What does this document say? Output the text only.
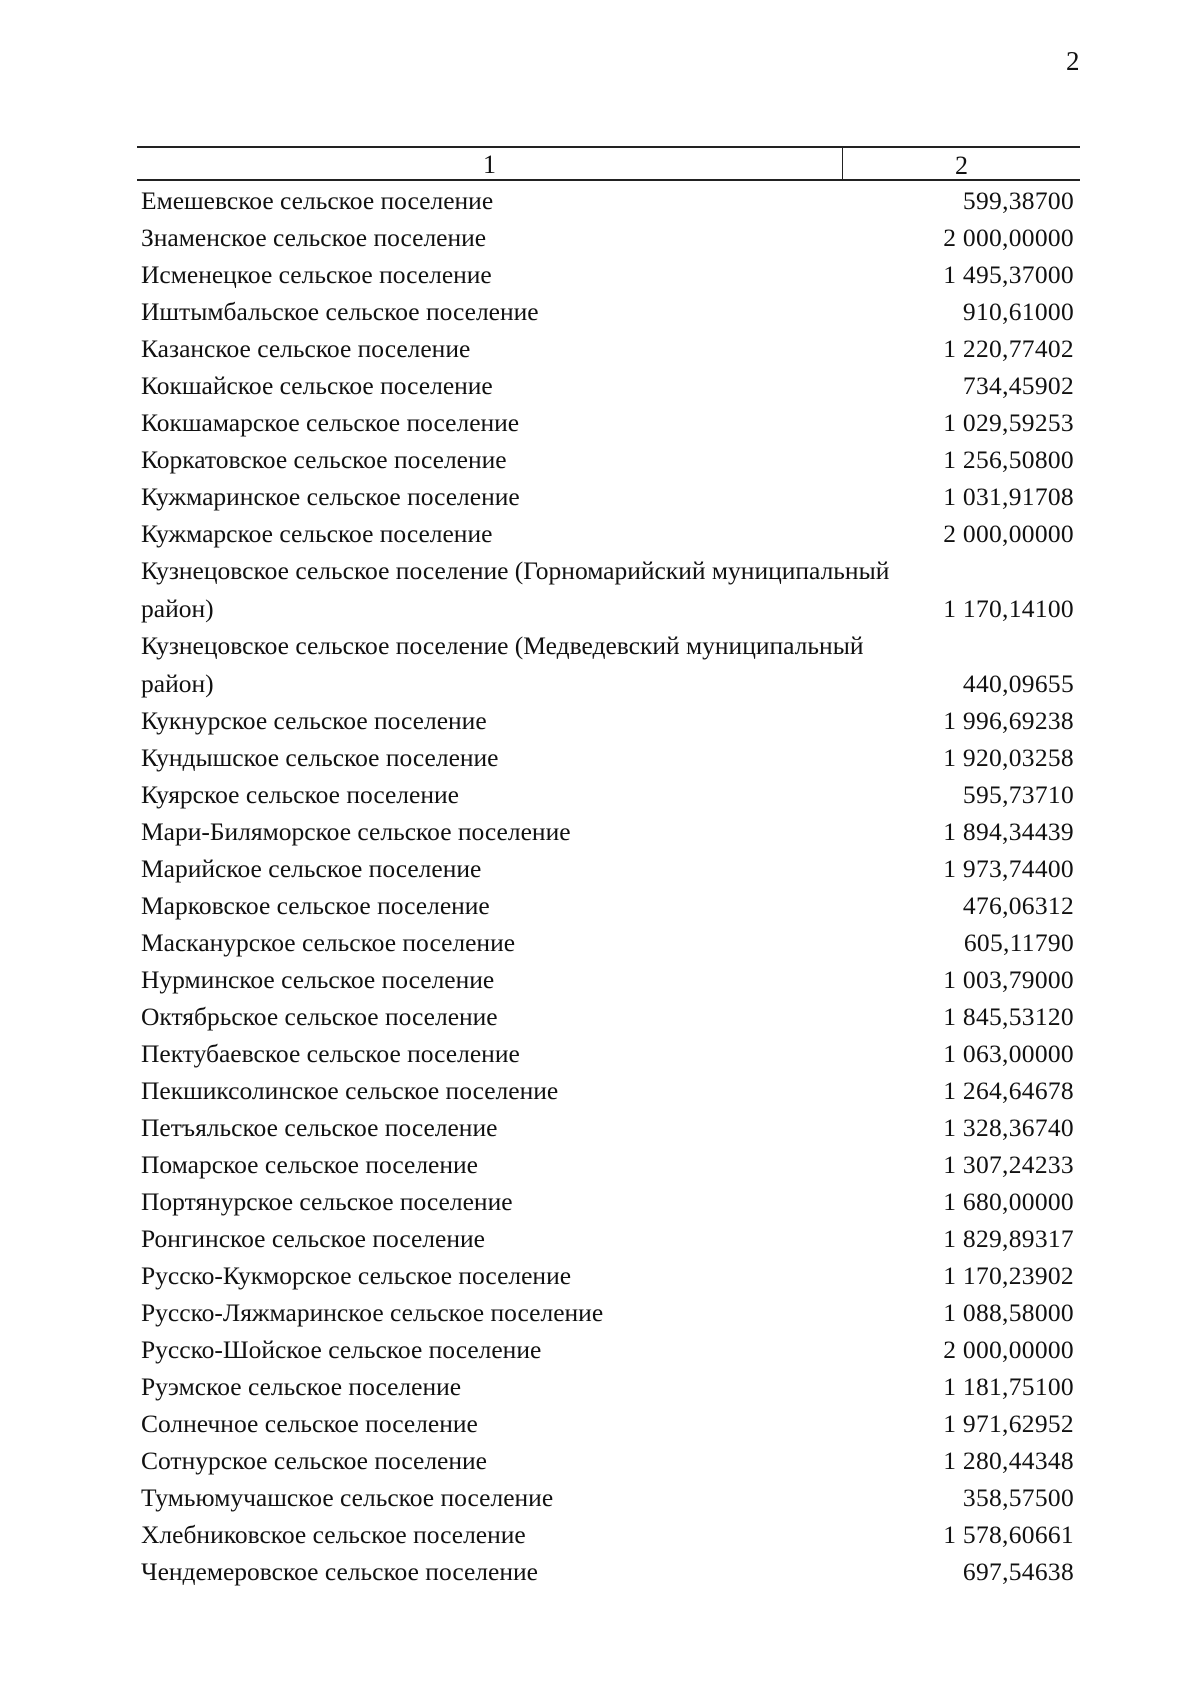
2
1	2
Емешевское сельское поселение	599,38700
Знаменское сельское поселение	2 000,00000
Исменецкое сельское поселение	1 495,37000
Иштымбальское сельское поселение	910,61000
Казанское сельское поселение	1 220,77402
Кокшайское сельское поселение	734,45902
Кокшамарское сельское поселение	1 029,59253
Коркатовское сельское поселение	1 256,50800
Кужмаринское сельское поселение	1 031,91708
Кужмарское сельское поселение	2 000,00000
Кузнецовское сельское поселение (Горномарийский муниципальный район)	1 170,14100
Кузнецовское сельское поселение (Медведевский муниципальный район)	440,09655
Кукнурское сельское поселение	1 996,69238
Кундышское сельское поселение	1 920,03258
Куярское сельское поселение	595,73710
Мари-Биляморское сельское поселение	1 894,34439
Марийское сельское поселение	1 973,74400
Марковское сельское поселение	476,06312
Масканурское сельское поселение	605,11790
Нурминское сельское поселение	1 003,79000
Октябрьское сельское поселение	1 845,53120
Пектубаевское сельское поселение	1 063,00000
Пекшиксолинское сельское поселение	1 264,64678
Петъяльское сельское поселение	1 328,36740
Помарское сельское поселение	1 307,24233
Портянурское сельское поселение	1 680,00000
Ронгинское сельское поселение	1 829,89317
Русско-Кукморское сельское поселение	1 170,23902
Русско-Ляжмаринское сельское поселение	1 088,58000
Русско-Шойское сельское поселение	2 000,00000
Руэмское сельское поселение	1 181,75100
Солнечное сельское поселение	1 971,62952
Сотнурское сельское поселение	1 280,44348
Тумьюмучашское сельское поселение	358,57500
Хлебниковское сельское поселение	1 578,60661
Чендемеровское сельское поселение	697,54638
